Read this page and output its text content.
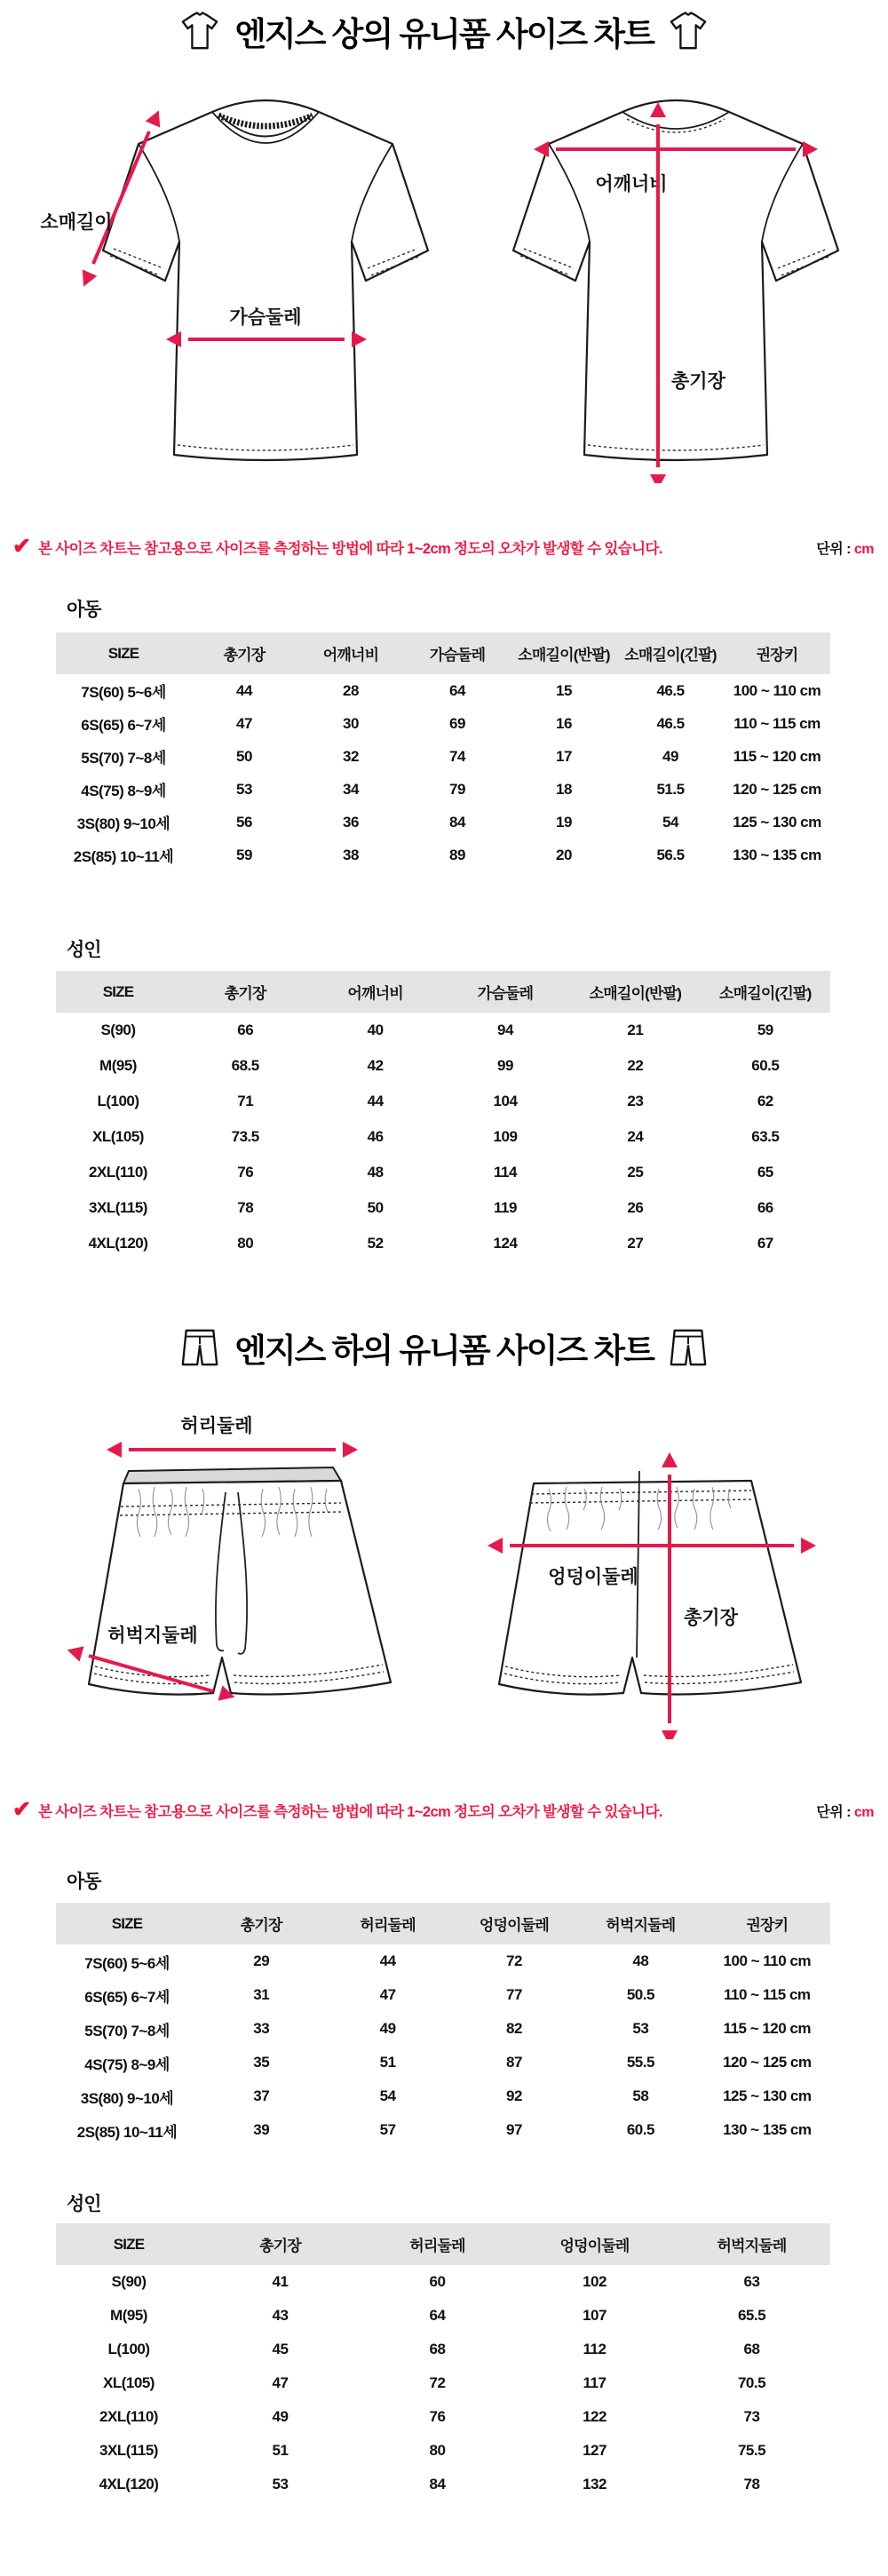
엔지스 상의 유니폼 사이즈 차트
소매길이
가슴둘레
어깨너비
총기장
✔ 본 사이즈 차트는 참고용으로 사이즈를 측정하는 방법에 따라 1~2cm 정도의 오차가 발생할 수 있습니다.	단위 : cm
아동
SIZE	총기장	어깨너비	가슴둘레	소매길이(반팔)	소매길이(긴팔)	권장키
7S(60) 5~6세	44	28	64	15	46.5	100 ~ 110 cm
6S(65) 6~7세	47	30	69	16	46.5	110 ~ 115 cm
5S(70) 7~8세	50	32	74	17	49	115 ~ 120 cm
4S(75) 8~9세	53	34	79	18	51.5	120 ~ 125 cm
3S(80) 9~10세	56	36	84	19	54	125 ~ 130 cm
2S(85) 10~11세	59	38	89	20	56.5	130 ~ 135 cm
성인
SIZE	총기장	어깨너비	가슴둘레	소매길이(반팔)	소매길이(긴팔)
S(90)	66	40	94	21	59
M(95)	68.5	42	99	22	60.5
L(100)	71	44	104	23	62
XL(105)	73.5	46	109	24	63.5
2XL(110)	76	48	114	25	65
3XL(115)	78	50	119	26	66
4XL(120)	80	52	124	27	67
엔지스 하의 유니폼 사이즈 차트
허리둘레
허벅지둘레
엉덩이둘레
총기장
✔ 본 사이즈 차트는 참고용으로 사이즈를 측정하는 방법에 따라 1~2cm 정도의 오차가 발생할 수 있습니다.	단위 : cm
아동
SIZE	총기장	허리둘레	엉덩이둘레	허벅지둘레	권장키
7S(60) 5~6세	29	44	72	48	100 ~ 110 cm
6S(65) 6~7세	31	47	77	50.5	110 ~ 115 cm
5S(70) 7~8세	33	49	82	53	115 ~ 120 cm
4S(75) 8~9세	35	51	87	55.5	120 ~ 125 cm
3S(80) 9~10세	37	54	92	58	125 ~ 130 cm
2S(85) 10~11세	39	57	97	60.5	130 ~ 135 cm
성인
SIZE	총기장	허리둘레	엉덩이둘레	허벅지둘레
S(90)	41	60	102	63
M(95)	43	64	107	65.5
L(100)	45	68	112	68
XL(105)	47	72	117	70.5
2XL(110)	49	76	122	73
3XL(115)	51	80	127	75.5
4XL(120)	53	84	132	78
